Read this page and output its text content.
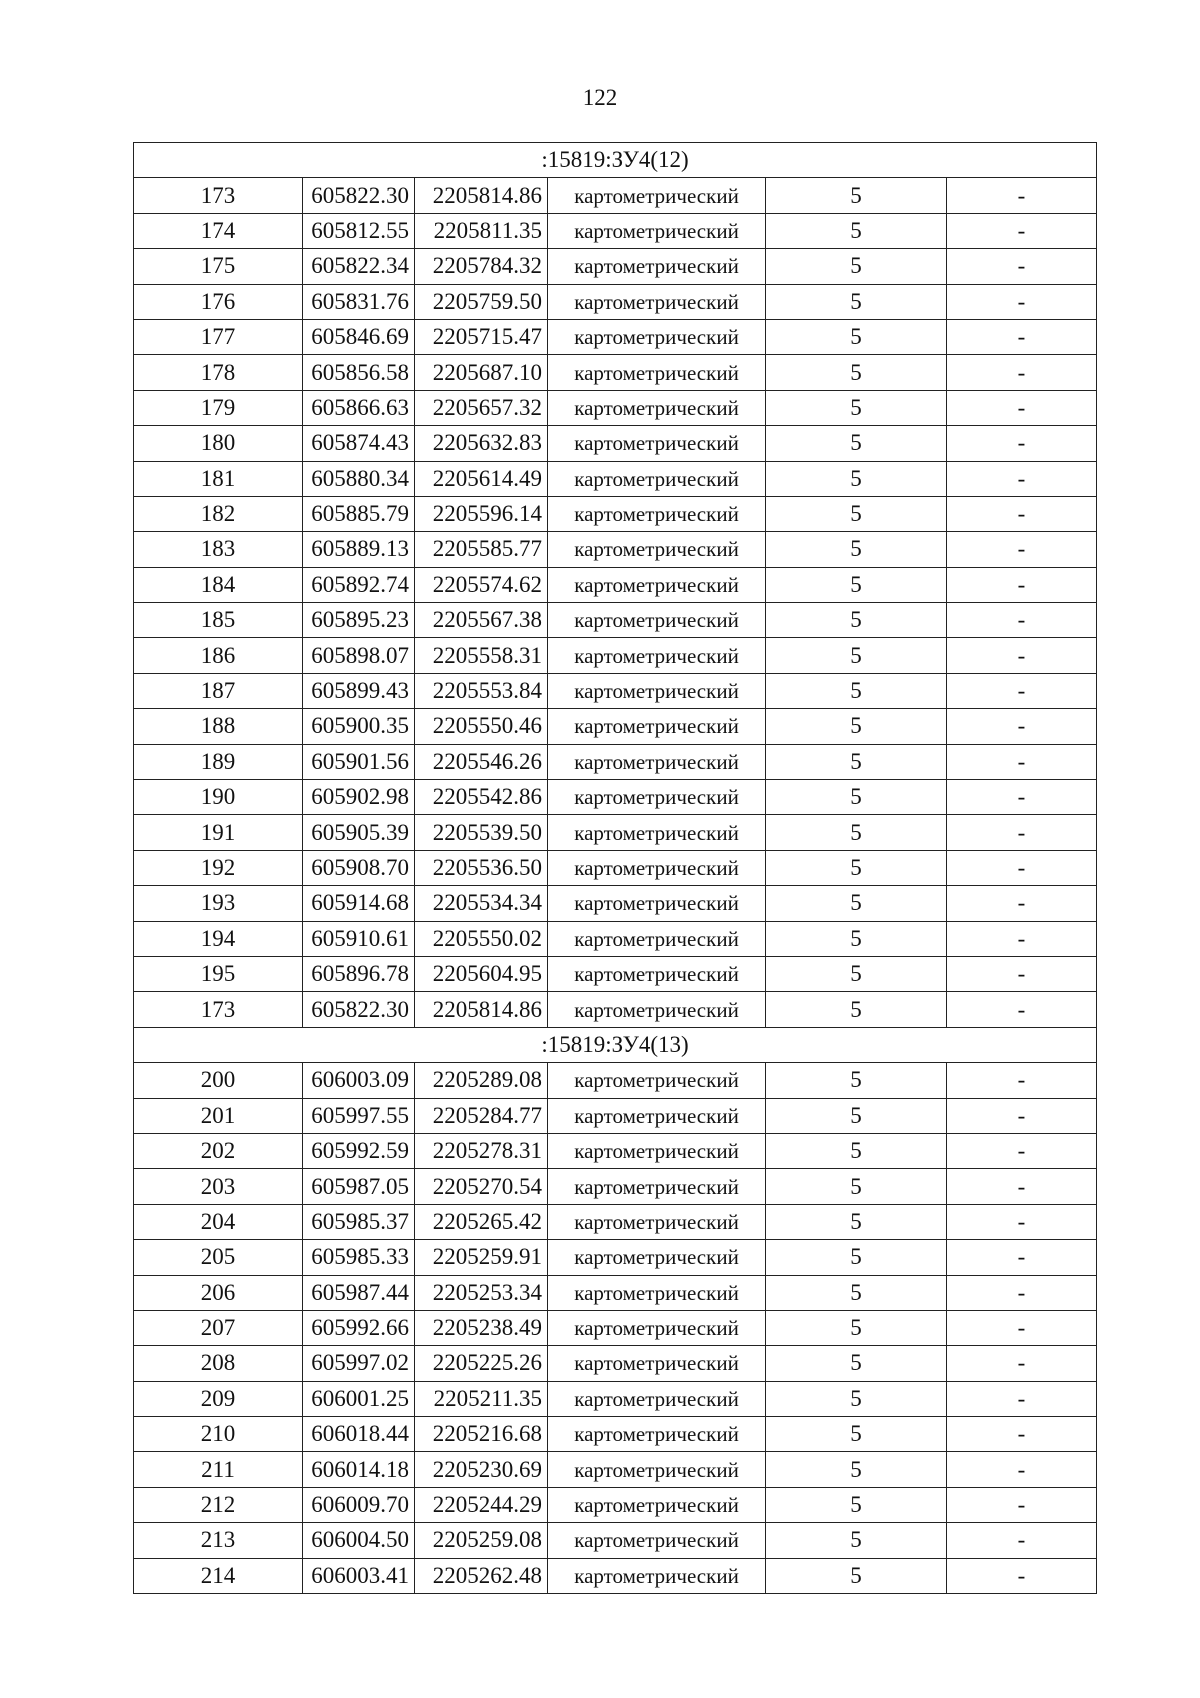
122
:15819:ЗУ4(12)					
173	605822.30	2205814.86	картометрический	5	-
174	605812.55	2205811.35	картометрический	5	-
175	605822.34	2205784.32	картометрический	5	-
176	605831.76	2205759.50	картометрический	5	-
177	605846.69	2205715.47	картометрический	5	-
178	605856.58	2205687.10	картометрический	5	-
179	605866.63	2205657.32	картометрический	5	-
180	605874.43	2205632.83	картометрический	5	-
181	605880.34	2205614.49	картометрический	5	-
182	605885.79	2205596.14	картометрический	5	-
183	605889.13	2205585.77	картометрический	5	-
184	605892.74	2205574.62	картометрический	5	-
185	605895.23	2205567.38	картометрический	5	-
186	605898.07	2205558.31	картометрический	5	-
187	605899.43	2205553.84	картометрический	5	-
188	605900.35	2205550.46	картометрический	5	-
189	605901.56	2205546.26	картометрический	5	-
190	605902.98	2205542.86	картометрический	5	-
191	605905.39	2205539.50	картометрический	5	-
192	605908.70	2205536.50	картометрический	5	-
193	605914.68	2205534.34	картометрический	5	-
194	605910.61	2205550.02	картометрический	5	-
195	605896.78	2205604.95	картометрический	5	-
173	605822.30	2205814.86	картометрический	5	-
:15819:ЗУ4(13)					
200	606003.09	2205289.08	картометрический	5	-
201	605997.55	2205284.77	картометрический	5	-
202	605992.59	2205278.31	картометрический	5	-
203	605987.05	2205270.54	картометрический	5	-
204	605985.37	2205265.42	картометрический	5	-
205	605985.33	2205259.91	картометрический	5	-
206	605987.44	2205253.34	картометрический	5	-
207	605992.66	2205238.49	картометрический	5	-
208	605997.02	2205225.26	картометрический	5	-
209	606001.25	2205211.35	картометрический	5	-
210	606018.44	2205216.68	картометрический	5	-
211	606014.18	2205230.69	картометрический	5	-
212	606009.70	2205244.29	картометрический	5	-
213	606004.50	2205259.08	картометрический	5	-
214	606003.41	2205262.48	картометрический	5	-
